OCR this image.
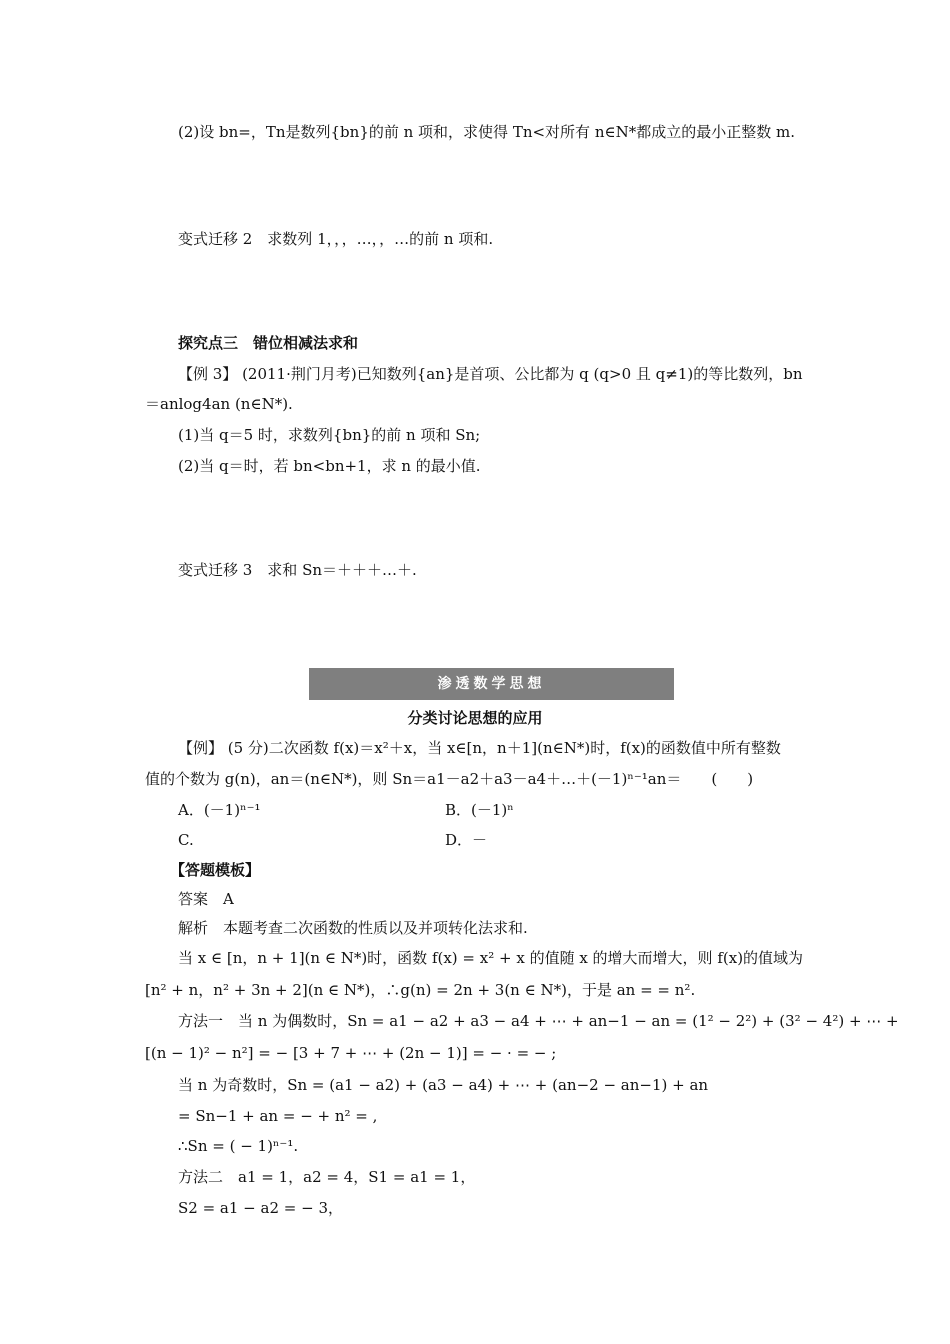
(2)设 bn=，Tn是数列{bn}的前 n 项和，求使得 Tn<对所有 n∈N*都成立的最小正整数 m.
变式迁移 2　求数列 1，，，…，，…的前 n 项和.
探究点三　错位相减法求和
【例 3】 (2011·荆门月考)已知数列{an}是首项、公比都为 q (q>0 且 q≠1)的等比数列，bn
＝anlog4an (n∈N*).
(1)当 q＝5 时，求数列{bn}的前 n 项和 Sn;
(2)当 q＝时，若 bn<bn+1，求 n 的最小值.
变式迁移 3　求和 Sn＝＋＋＋…＋.
渗透数学思想
分类讨论思想的应用
【例】 (5 分)二次函数 f(x)＝x²＋x，当 x∈[n，n＋1](n∈N*)时，f(x)的函数值中所有整数
值的个数为 g(n)，an＝(n∈N*)，则 Sn＝a1－a2＋a3－a4＋…＋(－1)ⁿ⁻¹an＝　　(　　)
A．(－1)ⁿ⁻¹	B．(－1)ⁿ
C.	D．－
【答题模板】
答案　A
解析　本题考查二次函数的性质以及并项转化法求和.
当 x ∈ [n，n + 1](n ∈ N*)时，函数 f(x) = x² + x 的值随 x 的增大而增大，则 f(x)的值域为
[n² + n，n² + 3n + 2](n ∈ N*)，∴g(n) = 2n + 3(n ∈ N*)，于是 an = = n².
方法一　当 n 为偶数时，Sn = a1 − a2 + a3 − a4 + ⋯ + an−1 − an = (1² − 2²) + (3² − 4²) + ⋯ +
[(n − 1)² − n²] = − [3 + 7 + ⋯ + (2n − 1)] = − · = − ;
当 n 为奇数时，Sn = (a1 − a2) + (a3 − a4) + ⋯ + (an−2 − an−1) + an
= Sn−1 + an = − + n² = ,
∴Sn = ( − 1)ⁿ⁻¹.
方法二　a1 = 1，a2 = 4，S1 = a1 = 1，
S2 = a1 − a2 = − 3，
